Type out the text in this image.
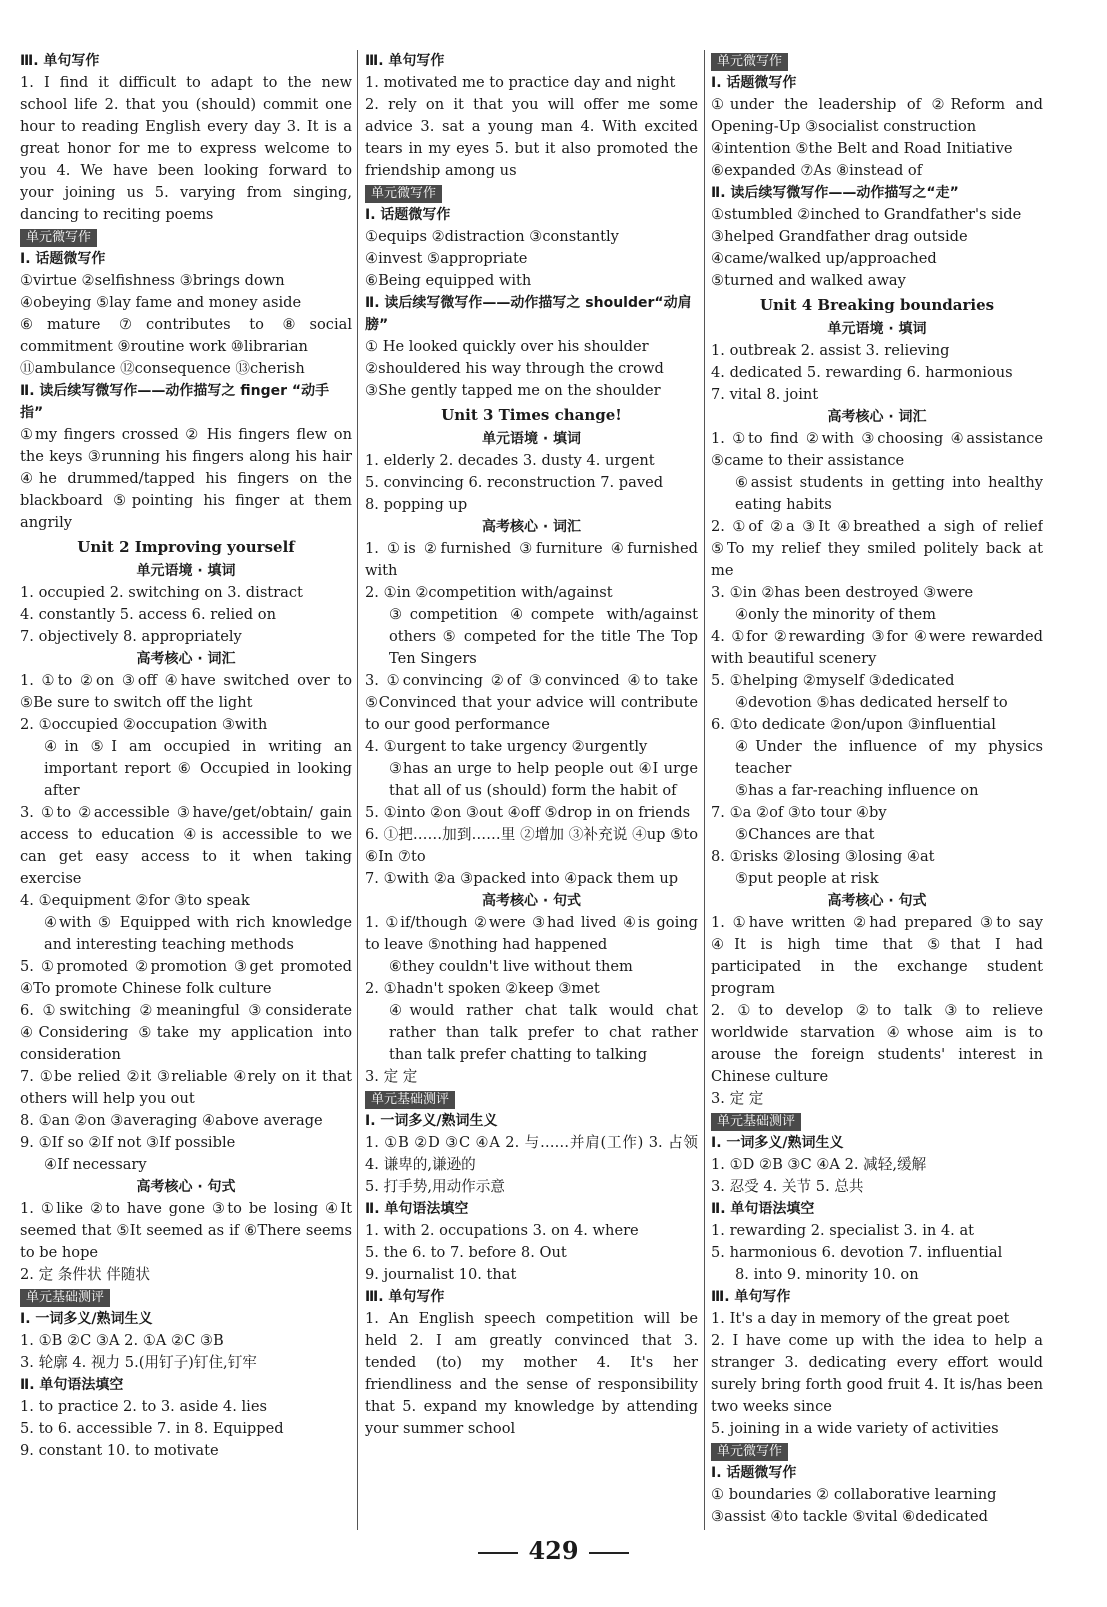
Ⅲ. 单句写作
1. I find it difficult to adapt to the new school life 2. that you (should) commit one hour to reading English every day 3. It is a great honor for me to express welcome to you 4. We have been looking forward to your joining us 5. varying from singing, dancing to reciting poems
单元微写作
Ⅰ. 话题微写作
①virtue ②selfishness ③brings down
④obeying ⑤lay fame and money aside
⑥mature ⑦contributes to ⑧social commitment ⑨routine work ⑩librarian
⑪ambulance ⑫consequence ⑬cherish
Ⅱ. 读后续写微写作——动作描写之 finger “动手指”
①my fingers crossed ② His fingers flew on the keys ③running his fingers along his hair ④he drummed/tapped his fingers on the blackboard ⑤pointing his finger at them angrily
Unit 2 Improving yourself
单元语境 · 填词
1. occupied 2. switching on 3. distract
4. constantly 5. access 6. relied on
7. objectively 8. appropriately
高考核心 · 词汇
1. ①to ②on ③off ④have switched over to ⑤Be sure to switch off the light
2. ①occupied ②occupation ③with
④in ⑤I am occupied in writing an important report ⑥ Occupied in looking after
3. ①to ②accessible ③have/get/obtain/ gain access to education ④is accessible to we can get easy access to it when taking exercise
4. ①equipment ②for ③to speak
④with ⑤ Equipped with rich knowledge and interesting teaching methods
5. ①promoted ②promotion ③get promoted ④To promote Chinese folk culture
6. ①switching ②meaningful ③considerate ④Considering ⑤take my application into consideration
7. ①be relied ②it ③reliable ④rely on it that others will help you out
8. ①an ②on ③averaging ④above average
9. ①If so ②If not ③If possible
④If necessary
高考核心 · 句式
1. ①like ②to have gone ③to be losing ④It seemed that ⑤It seemed as if ⑥There seems to be hope
2. 定 条件状 伴随状
单元基础测评
Ⅰ. 一词多义/熟词生义
1. ①B ②C ③A 2. ①A ②C ③B
3. 轮廓 4. 视力 5.(用钉子)钉住,钉牢
Ⅱ. 单句语法填空
1. to practice 2. to 3. aside 4. lies
5. to 6. accessible 7. in 8. Equipped
9. constant 10. to motivate
Ⅲ. 单句写作
1. motivated me to practice day and night
2. rely on it that you will offer me some advice 3. sat a young man 4. With excited tears in my eyes 5. but it also promoted the friendship among us
单元微写作
Ⅰ. 话题微写作
①equips ②distraction ③constantly
④invest ⑤appropriate
⑥Being equipped with
Ⅱ. 读后续写微写作——动作描写之 shoulder“动肩膀”
① He looked quickly over his shoulder
②shouldered his way through the crowd
③She gently tapped me on the shoulder
Unit 3 Times change!
单元语境 · 填词
1. elderly 2. decades 3. dusty 4. urgent
5. convincing 6. reconstruction 7. paved
8. popping up
高考核心 · 词汇
1. ①is ②furnished ③furniture ④furnished with
2. ①in ②competition with/against
③competition ④compete with/against others ⑤ competed for the title The Top Ten Singers
3. ①convincing ②of ③convinced ④to take ⑤Convinced that your advice will contribute to our good performance
4. ①urgent to take urgency ②urgently
③has an urge to help people out ④I urge that all of us (should) form the habit of
5. ①into ②on ③out ④off ⑤drop in on friends
6. ①把……加到……里 ②增加 ③补充说 ④up ⑤to ⑥In ⑦to
7. ①with ②a ③packed into ④pack them up
高考核心 · 句式
1. ①if/though ②were ③had lived ④is going to leave ⑤nothing had happened
⑥they couldn't live without them
2. ①hadn't spoken ②keep ③met
④would rather chat talk would chat rather than talk prefer to chat rather than talk prefer chatting to talking
3. 定 定
单元基础测评
Ⅰ. 一词多义/熟词生义
1. ①B ②D ③C ④A 2. 与……并肩(工作) 3. 占领 4. 谦卑的,谦逊的
5. 打手势,用动作示意
Ⅱ. 单句语法填空
1. with 2. occupations 3. on 4. where
5. the 6. to 7. before 8. Out
9. journalist 10. that
Ⅲ. 单句写作
1. An English speech competition will be held 2. I am greatly convinced that 3. tended (to) my mother 4. It's her friendliness and the sense of responsibility that 5. expand my knowledge by attending your summer school
单元微写作
Ⅰ. 话题微写作
①under the leadership of ②Reform and Opening-Up ③socialist construction
④intention ⑤the Belt and Road Initiative
⑥expanded ⑦As ⑧instead of
Ⅱ. 读后续写微写作——动作描写之“走”
①stumbled ②inched to Grandfather's side
③helped Grandfather drag outside
④came/walked up/approached
⑤turned and walked away
Unit 4 Breaking boundaries
单元语境 · 填词
1. outbreak 2. assist 3. relieving
4. dedicated 5. rewarding 6. harmonious
7. vital 8. joint
高考核心 · 词汇
1. ①to find ②with ③choosing ④assistance ⑤came to their assistance
⑥assist students in getting into healthy eating habits
2. ①of ②a ③It ④breathed a sigh of relief ⑤To my relief they smiled politely back at me
3. ①in ②has been destroyed ③were
④only the minority of them
4. ①for ②rewarding ③for ④were rewarded with beautiful scenery
5. ①helping ②myself ③dedicated
④devotion ⑤has dedicated herself to
6. ①to dedicate ②on/upon ③influential
④Under the influence of my physics teacher
⑤has a far-reaching influence on
7. ①a ②of ③to tour ④by
⑤Chances are that
8. ①risks ②losing ③losing ④at
⑤put people at risk
高考核心 · 句式
1. ①have written ②had prepared ③to say ④It is high time that ⑤that I had participated in the exchange student program
2. ①to develop ②to talk ③to relieve worldwide starvation ④whose aim is to arouse the foreign students' interest in Chinese culture
3. 定 定
单元基础测评
Ⅰ. 一词多义/熟词生义
1. ①D ②B ③C ④A 2. 减轻,缓解
3. 忍受 4. 关节 5. 总共
Ⅱ. 单句语法填空
1. rewarding 2. specialist 3. in 4. at
5. harmonious 6. devotion 7. influential
8. into 9. minority 10. on
Ⅲ. 单句写作
1. It's a day in memory of the great poet
2. I have come up with the idea to help a stranger 3. dedicating every effort would surely bring forth good fruit 4. It is/has been two weeks since
5. joining in a wide variety of activities
单元微写作
Ⅰ. 话题微写作
① boundaries ② collaborative learning
③assist ④to tackle ⑤vital ⑥dedicated
429
